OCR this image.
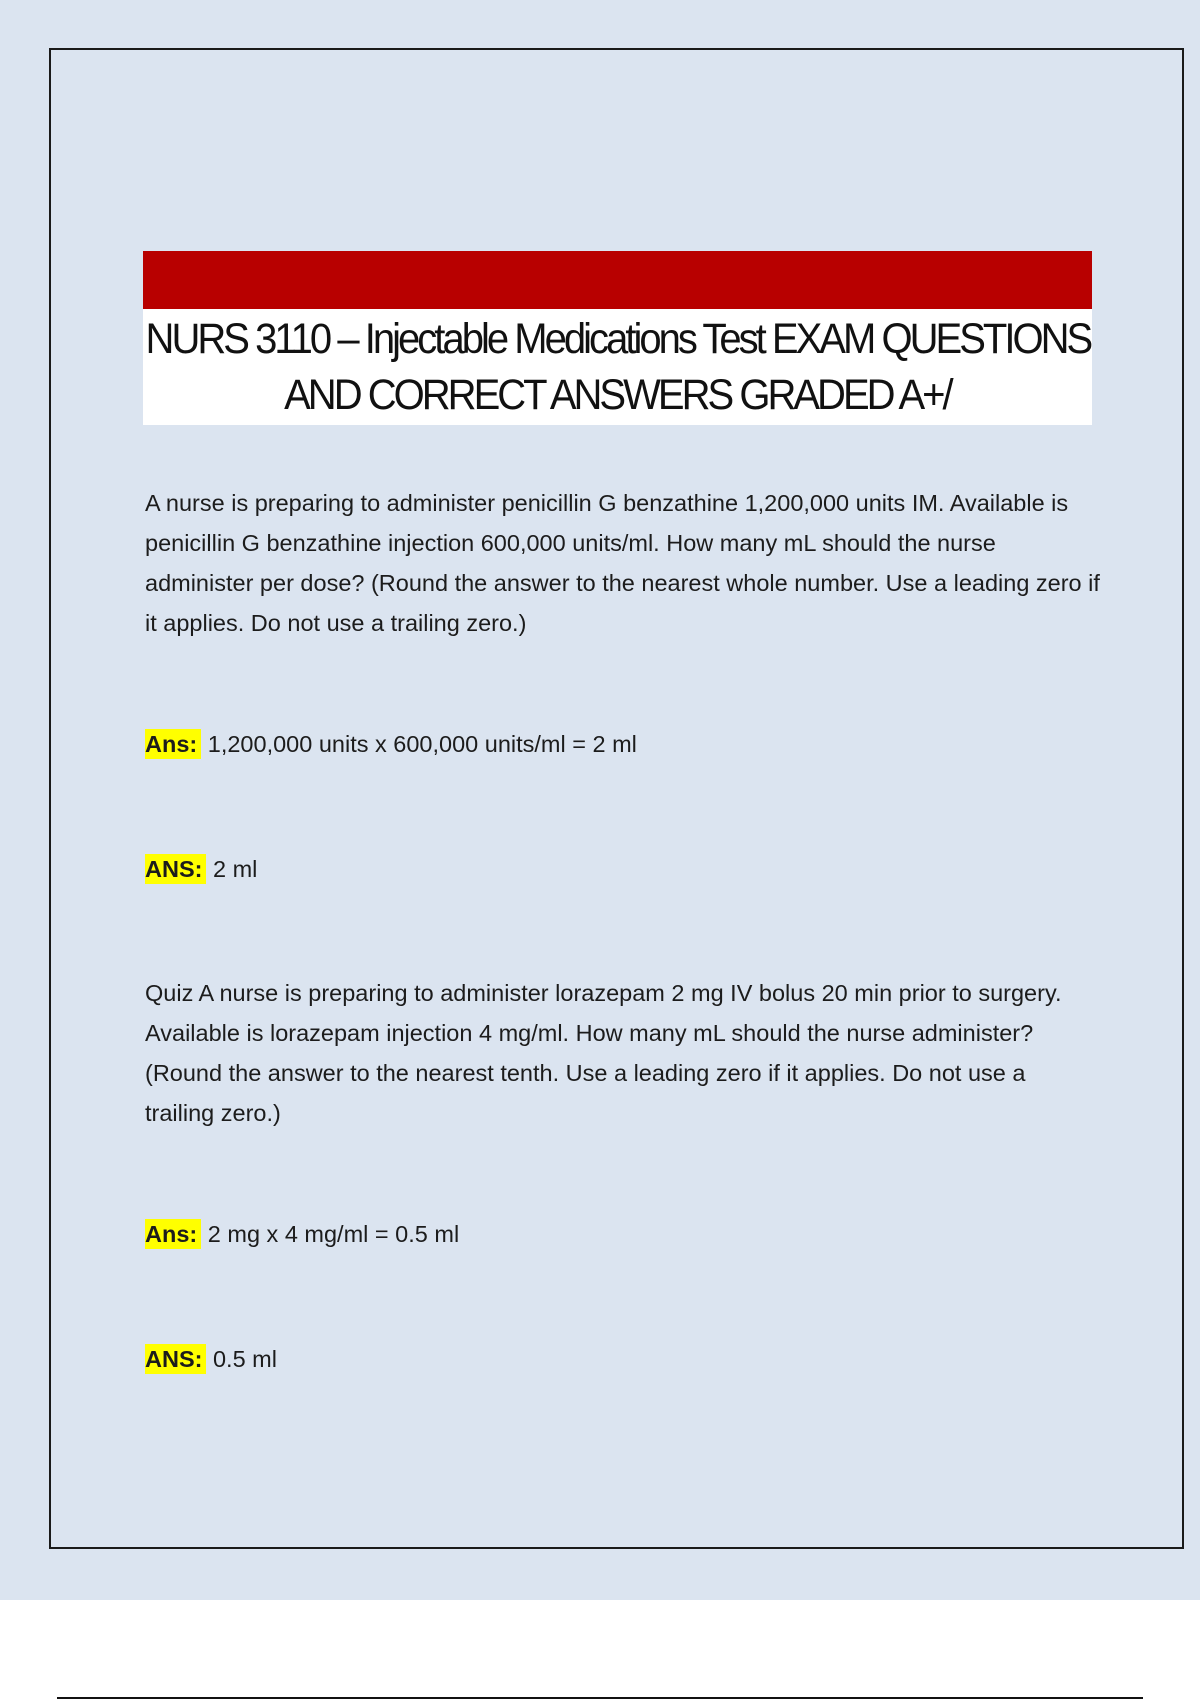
NURS 3110 – Injectable Medications Test EXAM QUESTIONS
AND CORRECT ANSWERS GRADED A+/
A nurse is preparing to administer penicillin G benzathine 1,200,000 units IM. Available is penicillin G benzathine injection 600,000 units/ml. How many mL should the nurse administer per dose? (Round the answer to the nearest whole number. Use a leading zero if it applies. Do not use a trailing zero.)
Ans: 1,200,000 units x 600,000 units/ml = 2 ml
ANS: 2 ml
Quiz A nurse is preparing to administer lorazepam 2 mg IV bolus 20 min prior to surgery. Available is lorazepam injection 4 mg/ml. How many mL should the nurse administer? (Round the answer to the nearest tenth. Use a leading zero if it applies. Do not use a trailing zero.)
Ans: 2 mg x 4 mg/ml = 0.5 ml
ANS: 0.5 ml
